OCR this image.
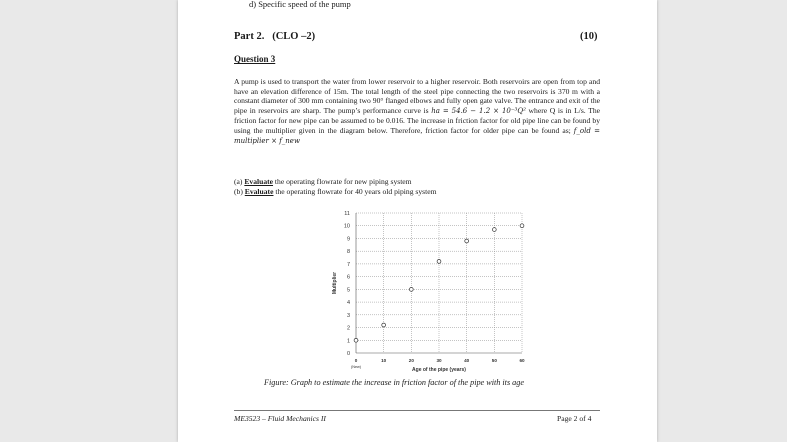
d) Specific speed of the pump
Part 2. (CLO –2)	(10)
Question 3
A pump is used to transport the water from lower reservoir to a higher reservoir. Both reservoirs are open from top and have an elevation difference of 15m. The total length of the steel pipe connecting the two reservoirs is 370 m with a constant diameter of 300 mm containing two 90° flanged elbows and fully open gate valve. The entrance and exit of the pipe in reservoirs are sharp. The pump’s performance curve is ha = 54.6 − 1.2 × 10⁻³Q² where Q is in L/s. The friction factor for new pipe can be assumed to be 0.016. The increase in friction factor for old pipe line can be found by using the multiplier given in the diagram below. Therefore, friction factor for older pipe can be found as; f_old = multiplier × f_new
(a) Evaluate the operating flowrate for new piping system
(b) Evaluate the operating flowrate for 40 years old piping system
0
1
2
3
4
5
6
7
8
9
10
11
0	10	20	30	40	50	60
(New)	Age of the pipe (years)
Multiplier
Figure: Graph to estimate the increase in friction factor of the pipe with its age
ME3523 – Fluid Mechanics II	Page 2 of 4
